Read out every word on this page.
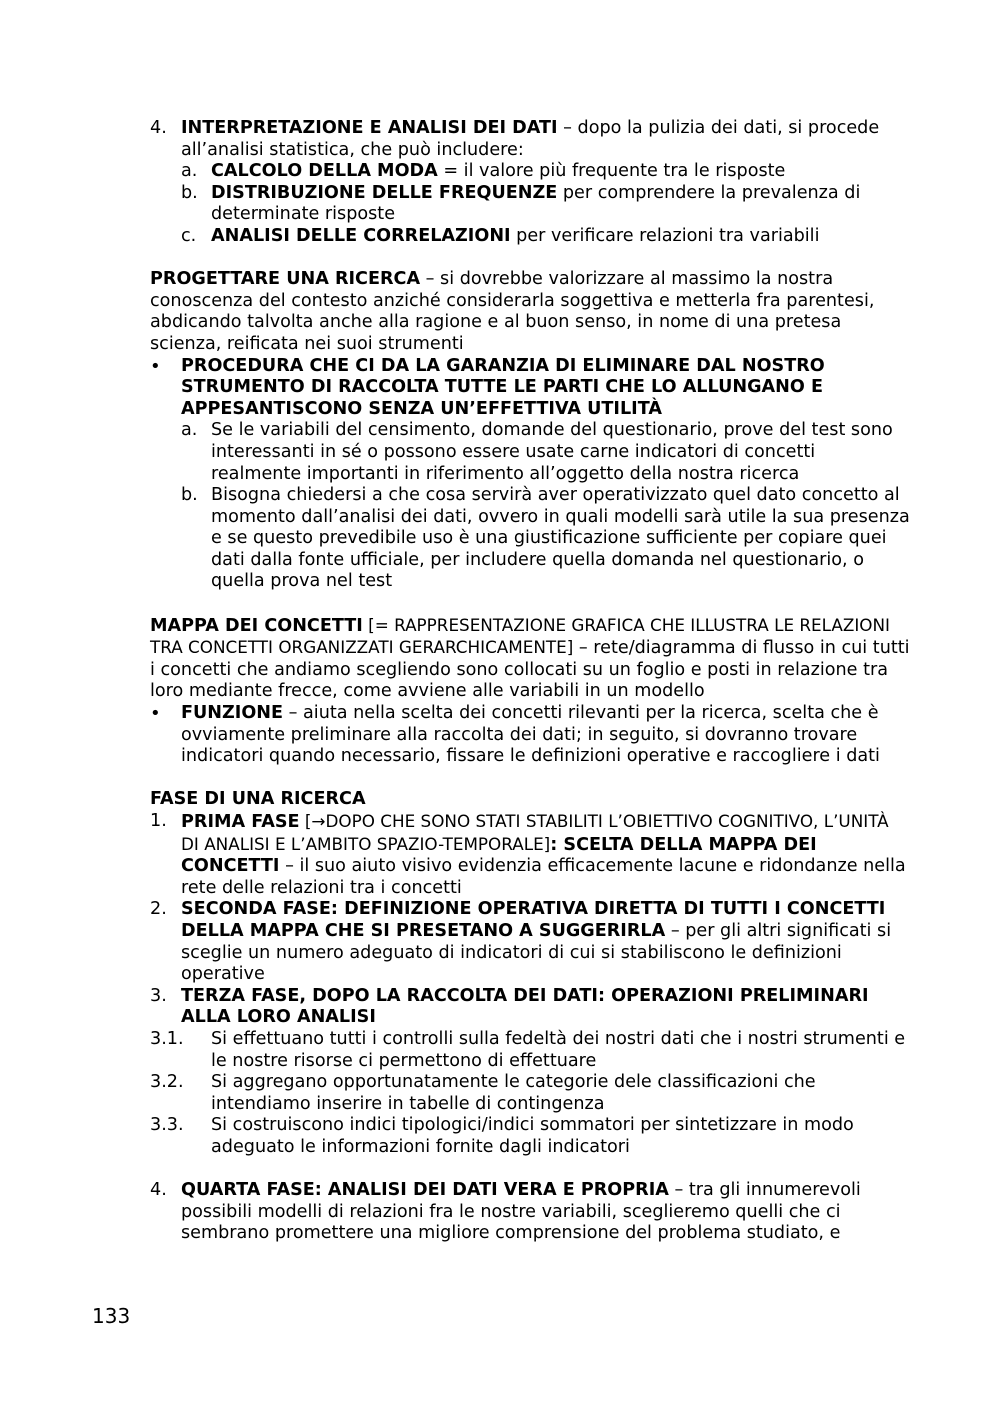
4. INTERPRETAZIONE E ANALISI DEI DATI – dopo la pulizia dei dati, si procede all’analisi statistica, che può includere:
a. CALCOLO DELLA MODA = il valore più frequente tra le risposte
b. DISTRIBUZIONE DELLE FREQUENZE per comprendere la prevalenza di determinate risposte
c. ANALISI DELLE CORRELAZIONI per verificare relazioni tra variabili
PROGETTARE UNA RICERCA – si dovrebbe valorizzare al massimo la nostra conoscenza del contesto anziché considerarla soggettiva e metterla fra parentesi, abdicando talvolta anche alla ragione e al buon senso, in nome di una pretesa scienza, reificata nei suoi strumenti
• PROCEDURA CHE CI DA LA GARANZIA DI ELIMINARE DAL NOSTRO STRUMENTO DI RACCOLTA TUTTE LE PARTI CHE LO ALLUNGANO E APPESANTISCONO SENZA UN’EFFETTIVA UTILITÀ
a. Se le variabili del censimento, domande del questionario, prove del test sono interessanti in sé o possono essere usate carne indicatori di concetti realmente importanti in riferimento all’oggetto della nostra ricerca
b. Bisogna chiedersi a che cosa servirà aver operativizzato quel dato concetto al momento dall’analisi dei dati, ovvero in quali modelli sarà utile la sua presenza e se questo prevedibile uso è una giustificazione sufficiente per copiare quei dati dalla fonte ufficiale, per includere quella domanda nel questionario, o quella prova nel test
MAPPA DEI CONCETTI [= RAPPRESENTAZIONE GRAFICA CHE ILLUSTRA LE RELAZIONI TRA CONCETTI ORGANIZZATI GERARCHICAMENTE] – rete/diagramma di flusso in cui tutti i concetti che andiamo scegliendo sono collocati su un foglio e posti in relazione tra loro mediante frecce, come avviene alle variabili in un modello
• FUNZIONE – aiuta nella scelta dei concetti rilevanti per la ricerca, scelta che è ovviamente preliminare alla raccolta dei dati; in seguito, si dovranno trovare indicatori quando necessario, fissare le definizioni operative e raccogliere i dati
FASE DI UNA RICERCA
1. PRIMA FASE [→DOPO CHE SONO STATI STABILITI L’OBIETTIVO COGNITIVO, L’UNITÀ DI ANALISI E L’AMBITO SPAZIO-TEMPORALE]: SCELTA DELLA MAPPA DEI CONCETTI – il suo aiuto visivo evidenzia efficacemente lacune e ridondanze nella rete delle relazioni tra i concetti
2. SECONDA FASE: DEFINIZIONE OPERATIVA DIRETTA DI TUTTI I CONCETTI DELLA MAPPA CHE SI PRESETANO A SUGGERIRLA – per gli altri significati si sceglie un numero adeguato di indicatori di cui si stabiliscono le definizioni operative
3. TERZA FASE, DOPO LA RACCOLTA DEI DATI: OPERAZIONI PRELIMINARI ALLA LORO ANALISI
3.1. Si effettuano tutti i controlli sulla fedeltà dei nostri dati che i nostri strumenti e le nostre risorse ci permettono di effettuare
3.2. Si aggregano opportunatamente le categorie dele classificazioni che intendiamo inserire in tabelle di contingenza
3.3. Si costruiscono indici tipologici/indici sommatori per sintetizzare in modo adeguato le informazioni fornite dagli indicatori
4. QUARTA FASE: ANALISI DEI DATI VERA E PROPRIA – tra gli innumerevoli possibili modelli di relazioni fra le nostre variabili, sceglieremo quelli che ci sembrano promettere una migliore comprensione del problema studiato, e
133
